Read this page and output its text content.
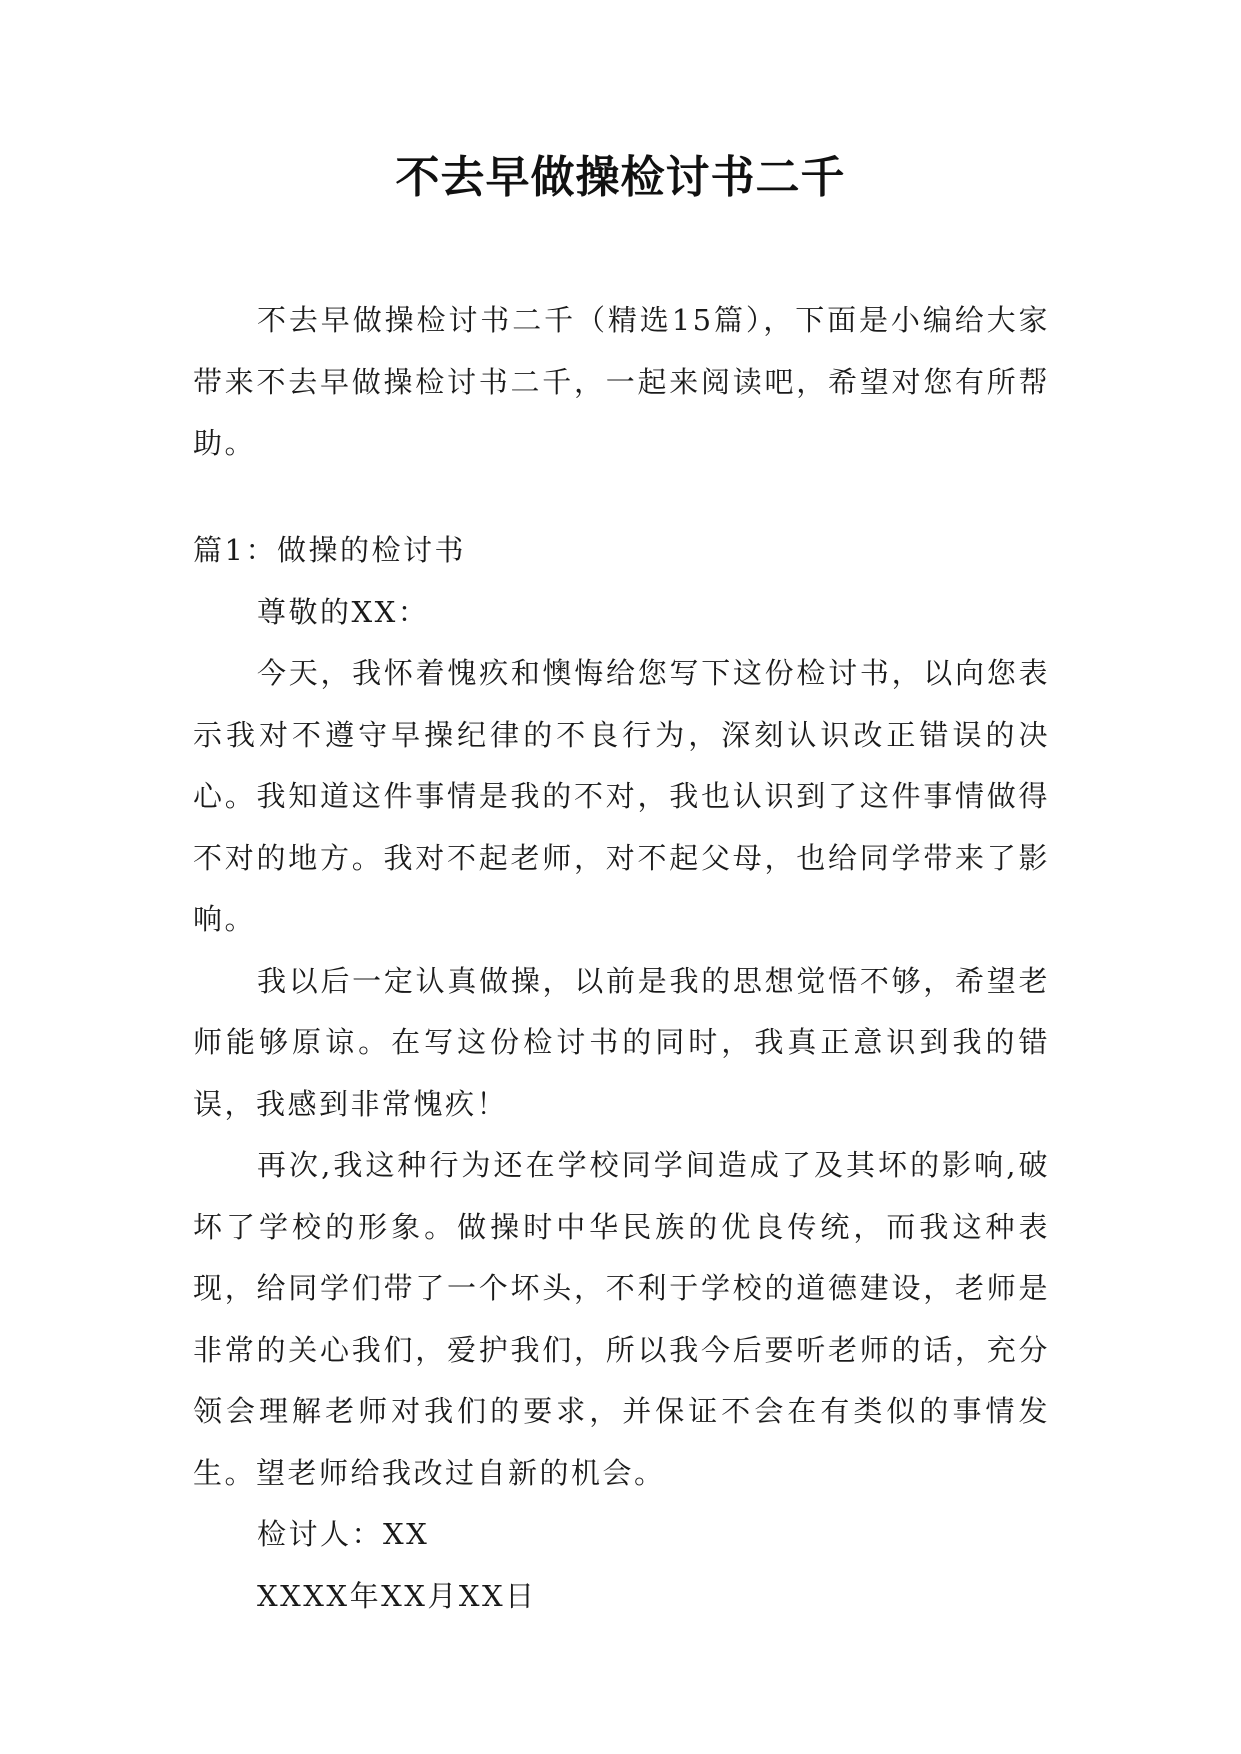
不去早做操检讨书二千

不去早做操检讨书二千（精选15篇），下面是小编给大家带来不去早做操检讨书二千，一起来阅读吧，希望对您有所帮助。

篇1：做操的检讨书

尊敬的XX：

今天，我怀着愧疚和懊悔给您写下这份检讨书，以向您表示我对不遵守早操纪律的不良行为，深刻认识改正错误的决心。我知道这件事情是我的不对，我也认识到了这件事情做得不对的地方。我对不起老师，对不起父母，也给同学带来了影响。

我以后一定认真做操，以前是我的思想觉悟不够，希望老师能够原谅。在写这份检讨书的同时，我真正意识到我的错误，我感到非常愧疚！

再次,我这种行为还在学校同学间造成了及其坏的影响,破坏了学校的形象。做操时中华民族的优良传统，而我这种表现，给同学们带了一个坏头，不利于学校的道德建设，老师是非常的关心我们，爱护我们，所以我今后要听老师的话，充分领会理解老师对我们的要求，并保证不会在有类似的事情发生。望老师给我改过自新的机会。

检讨人：XX

XXXX年XX月XX日
